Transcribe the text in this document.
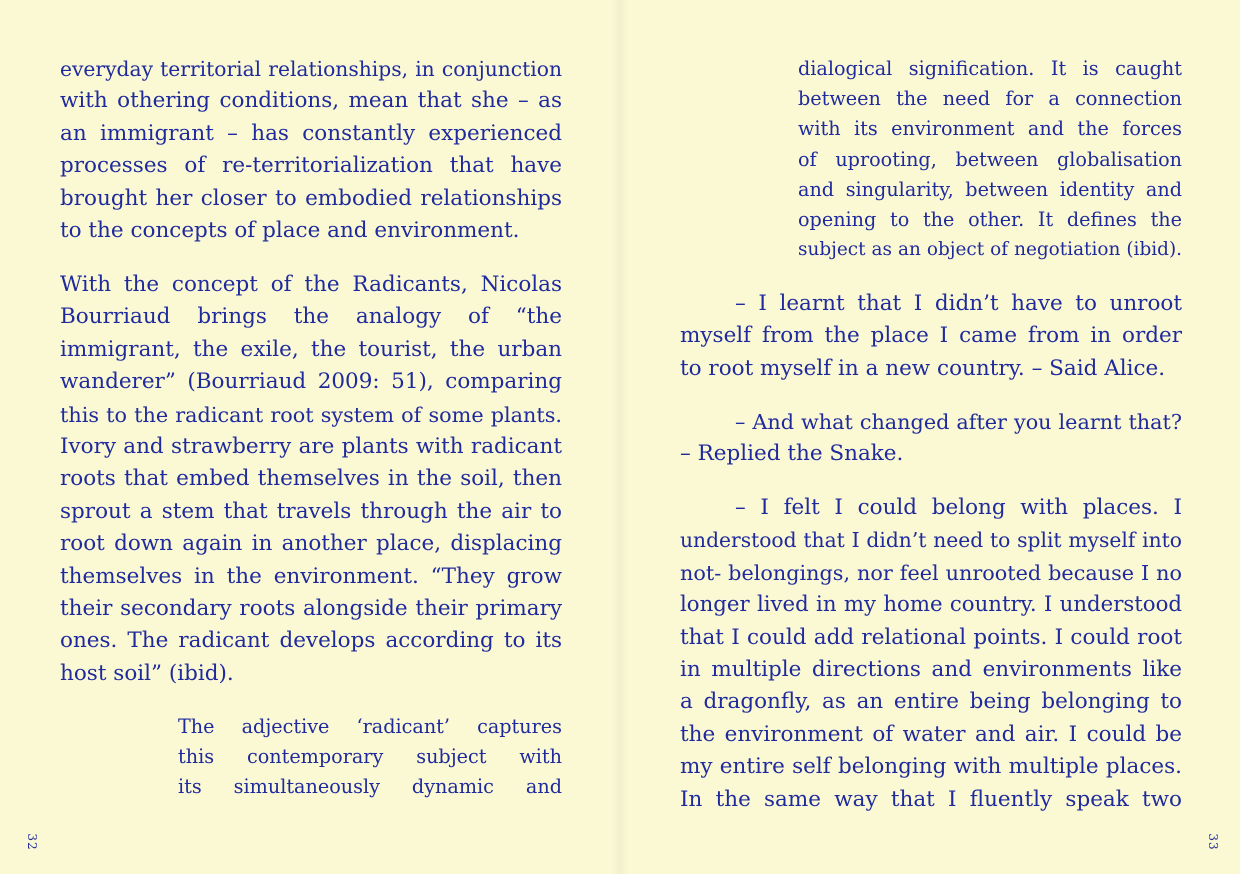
everyday territorial relationships, in conjunction
with othering conditions, mean that she – as
an immigrant – has constantly experienced
processes of re-territorialization that have
brought her closer to embodied relationships
to the concepts of place and environment.
With the concept of the Radicants, Nicolas
Bourriaud brings the analogy of “the
immigrant, the exile, the tourist, the urban
wanderer” (Bourriaud 2009: 51), comparing
this to the radicant root system of some plants.
Ivory and strawberry are plants with radicant
roots that embed themselves in the soil, then
sprout a stem that travels through the air to
root down again in another place, displacing
themselves in the environment. “They grow
their secondary roots alongside their primary
ones. The radicant develops according to its
host soil” (ibid).
The adjective ‘radicant’ captures
this contemporary subject with
its simultaneously dynamic and
32
dialogical signification. It is caught
between the need for a connection
with its environment and the forces
of uprooting, between globalisation
and singularity, between identity and
opening to the other. It defines the
subject as an object of negotiation (ibid).
– I learnt that I didn’t have to unroot
myself from the place I came from in order
to root myself in a new country. – Said Alice.
– And what changed after you learnt that?
– Replied the Snake.
– I felt I could belong with places. I
understood that I didn’t need to split myself into
not- belongings, nor feel unrooted because I no
longer lived in my home country. I understood
that I could add relational points. I could root
in multiple directions and environments like
a dragonfly, as an entire being belonging to
the environment of water and air. I could be
my entire self belonging with multiple places.
In the same way that I fluently speak two
33
